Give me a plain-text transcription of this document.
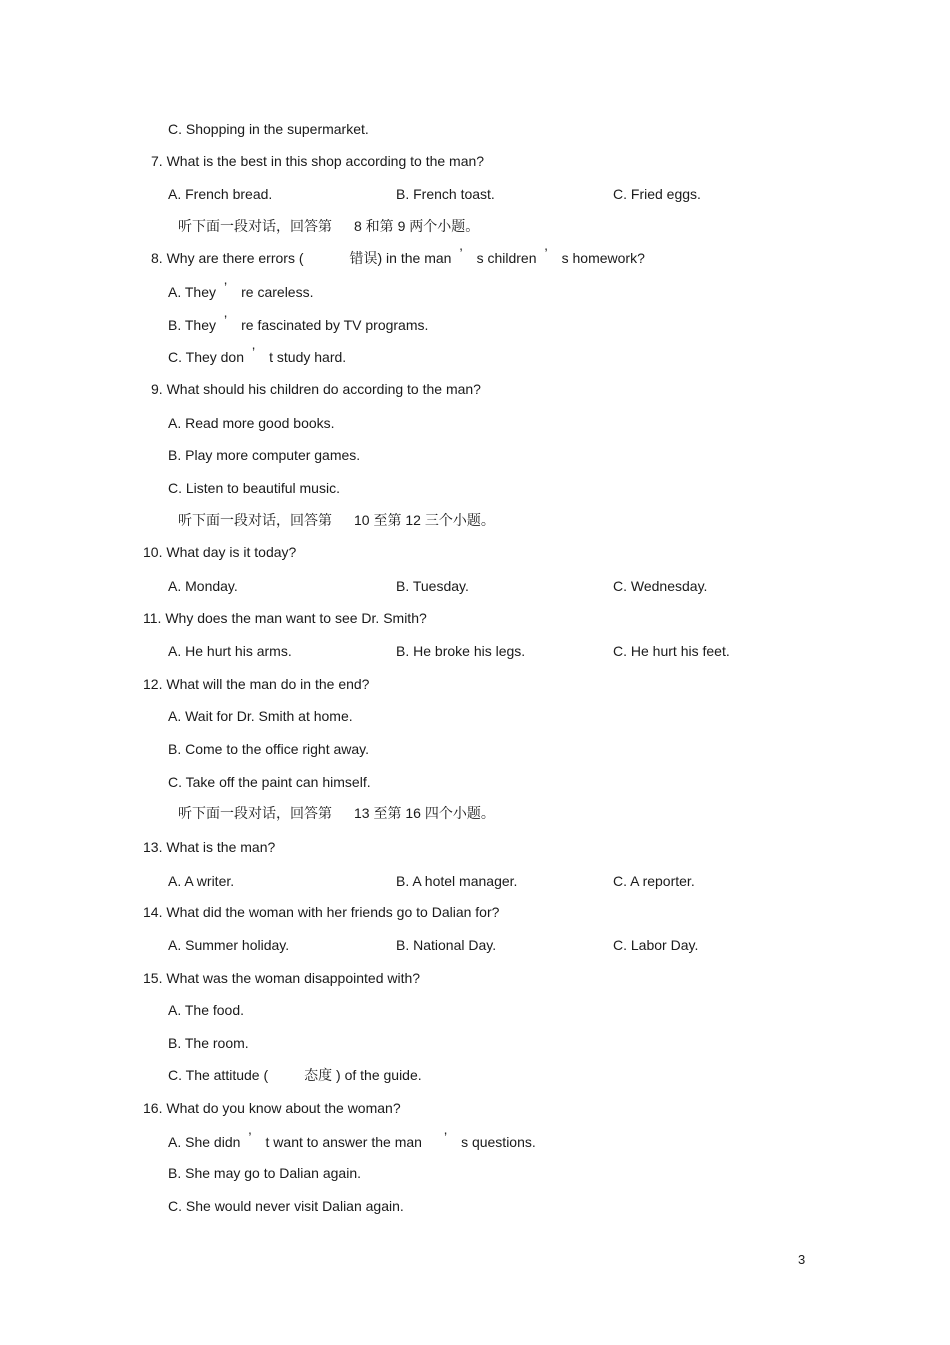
C. Shopping in the supermarket.
7. What is the best in this shop according to the man?
A. French bread.	B. French toast.	C. Fried eggs.
听下面一段对话，回答第 8 和第 9 两个小题。
8. Why are there errors (	错误) in the man ’ s children ’ s homework?
A. They ’ re careless.
B. They ’ re fascinated by TV programs.
C. They don ’ t study hard.
9. What should his children do according to the man?
A. Read more good books.
B. Play more computer games.
C. Listen to beautiful music.
听下面一段对话，回答第 10 至第 12 三个小题。
10. What day is it today?
A. Monday.	B. Tuesday.	C. Wednesday.
11. Why does the man want to see Dr. Smith?
A. He hurt his arms.	B. He broke his legs.	C. He hurt his feet.
12. What will the man do in the end?
A. Wait for Dr. Smith at home.
B. Come to the office right away.
C. Take off the paint can himself.
听下面一段对话，回答第 13 至第 16 四个小题。
13. What is the man?
A. A writer.	B. A hotel manager.	C. A reporter.
14. What did the woman with her friends go to Dalian for?
A. Summer holiday.	B. National Day.	C. Labor Day.
15. What was the woman disappointed with?
A. The food.
B. The room.
C. The attitude (	态度 ) of the guide.
16. What do you know about the woman?
A. She didn ’ t want to answer the man ’ s questions.
B. She may go to Dalian again.
C. She would never visit Dalian again.
3
